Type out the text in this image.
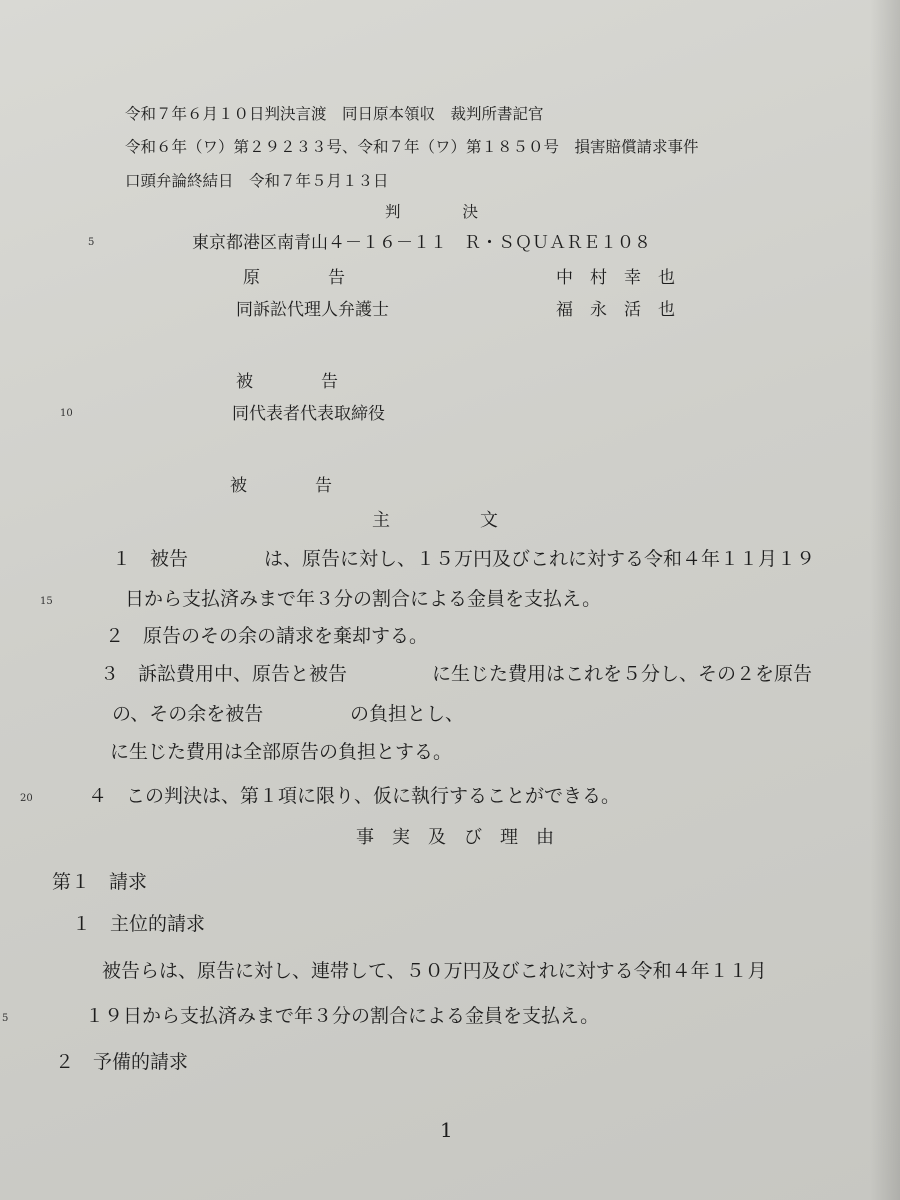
令和７年６月１０日判決言渡　同日原本領収　裁判所書記官
令和６年（ワ）第２９２３３号、令和７年（ワ）第１８５０号　損害賠償請求事件
口頭弁論終結日　令和７年５月１３日
判　　　　決
東京都港区南青山４－１６－１１　Ｒ・ＳＱＵＡＲＥ１０８
原　　　　告	中　村　幸　也
同訴訟代理人弁護士	福　永　活　也
被　　　　告
同代表者代表取締役
被　　　　告
主　　　　　文
１　被告　　　　は、原告に対し、１５万円及びこれに対する令和４年１１月１９
日から支払済みまで年３分の割合による金員を支払え。
２　原告のその余の請求を棄却する。
３　訴訟費用中、原告と被告	に生じた費用はこれを５分し、その２を原告
の、その余を被告	の負担とし、
に生じた費用は全部原告の負担とする。
４　この判決は、第１項に限り、仮に執行することができる。
事　実　及　び　理　由
第１　請求
１　主位的請求
被告らは、原告に対し、連帯して、５０万円及びこれに対する令和４年１１月
１９日から支払済みまで年３分の割合による金員を支払え。
２　予備的請求
5
10
15
20
5
1
